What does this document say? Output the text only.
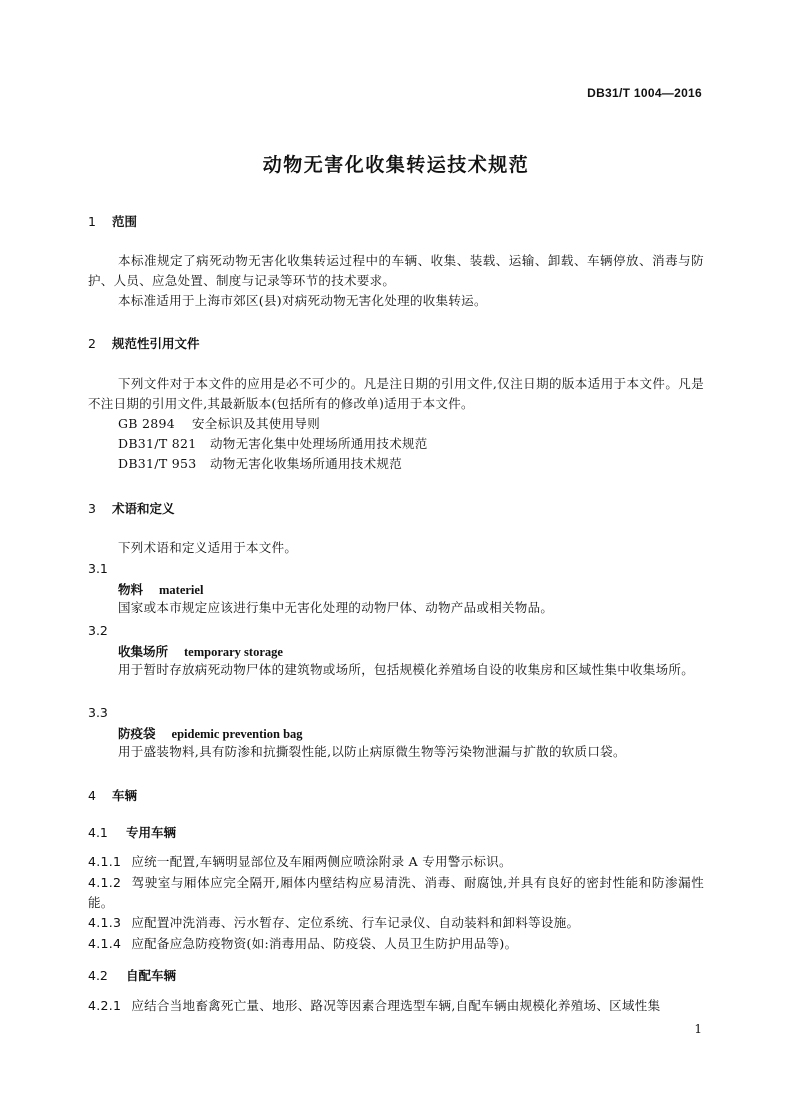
DB31/T 1004—2016
动物无害化收集转运技术规范
1 范围
本标准规定了病死动物无害化收集转运过程中的车辆、收集、装载、运输、卸载、车辆停放、消毒与防护、人员、应急处置、制度与记录等环节的技术要求。
本标准适用于上海市郊区(县)对病死动物无害化处理的收集转运。
2 规范性引用文件
下列文件对于本文件的应用是必不可少的。凡是注日期的引用文件,仅注日期的版本适用于本文件。凡是不注日期的引用文件,其最新版本(包括所有的修改单)适用于本文件。
GB 2894 安全标识及其使用导则
DB31/T 821 动物无害化集中处理场所通用技术规范
DB31/T 953 动物无害化收集场所通用技术规范
3 术语和定义
下列术语和定义适用于本文件。
3.1
物料 materiel
国家或本市规定应该进行集中无害化处理的动物尸体、动物产品或相关物品。
3.2
收集场所 temporary storage
用于暂时存放病死动物尸体的建筑物或场所，包括规模化养殖场自设的收集房和区域性集中收集场所。
3.3
防疫袋 epidemic prevention bag
用于盛装物料,具有防渗和抗撕裂性能,以防止病原微生物等污染物泄漏与扩散的软质口袋。
4 车辆
4.1 专用车辆
4.1.1 应统一配置,车辆明显部位及车厢两侧应喷涂附录 A 专用警示标识。
4.1.2 驾驶室与厢体应完全隔开,厢体内壁结构应易清洗、消毒、耐腐蚀,并具有良好的密封性能和防渗漏性能。
4.1.3 应配置冲洗消毒、污水暂存、定位系统、行车记录仪、自动装料和卸料等设施。
4.1.4 应配备应急防疫物资(如:消毒用品、防疫袋、人员卫生防护用品等)。
4.2 自配车辆
4.2.1 应结合当地畜禽死亡量、地形、路况等因素合理选型车辆,自配车辆由规模化养殖场、区域性集
1
